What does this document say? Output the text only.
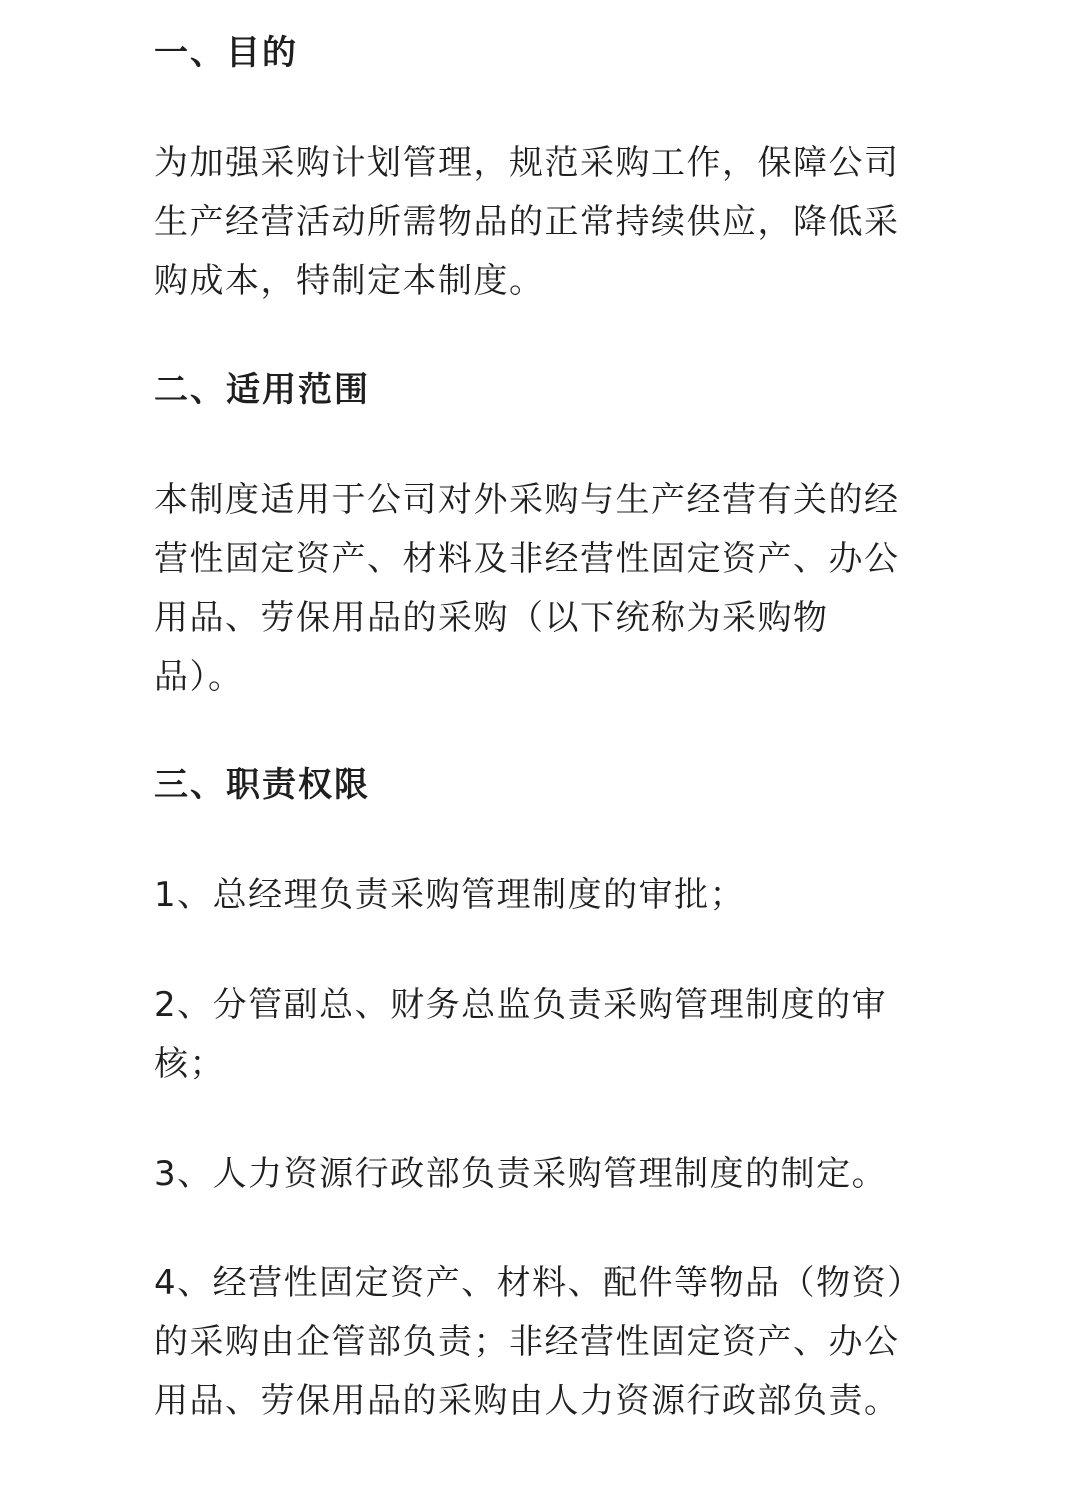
一、目的

为加强采购计划管理，规范采购工作，保障公司

生产经营活动所需物品的正常持续供应，降低采

购成本，特制定本制度。

二、适用范围

本制度适用于公司对外采购与生产经营有关的经

营性固定资产、材料及非经营性固定资产、办公

用品、劳保用品的采购（以下统称为采购物

品）。

三、职责权限

1、总经理负责采购管理制度的审批；

2、分管副总、财务总监负责采购管理制度的审

核；

3、人力资源行政部负责采购管理制度的制定。

4、经营性固定资产、材料、配件等物品（物资）

的采购由企管部负责；非经营性固定资产、办公

用品、劳保用品的采购由人力资源行政部负责。
